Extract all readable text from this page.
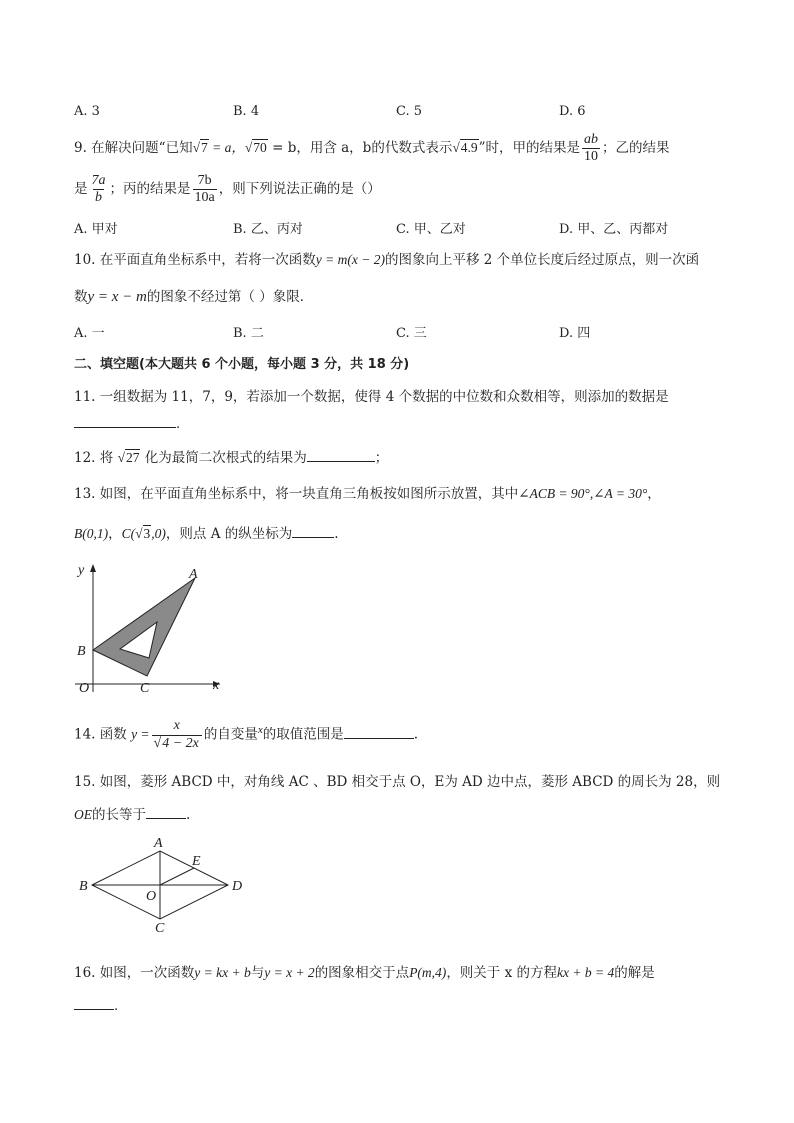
A. 3	B. 4	C. 5	D. 6
9. 在解决问题“已知√7 = a，√70 = b，用含 a，b的代数式表示√4.9”时，甲的结果是 $\frac{ab}{10}$ ；乙的结果
是 $\frac{7a}{b}$ ；丙的结果是 $\frac{7b}{10a}$ ，则下列说法正确的是（）
A. 甲对	B. 乙、丙对	C. 甲、乙对	D. 甲、乙、丙都对
10. 在平面直角坐标系中，若将一次函数y = m(x − 2)的图象向上平移 2 个单位长度后经过原点，则一次函
数y = x − m的图象不经过第（ ）象限．
A. 一	B. 二	C. 三	D. 四
二、填空题(本大题共 6 个小题，每小题 3 分，共 18 分)
11. 一组数据为 11，7，9，若添加一个数据，使得 4 个数据的中位数和众数相等，则添加的数据是
.
12. 将 √27 化为最简二次根式的结果为	；
13. 如图，在平面直角坐标系中，将一块直角三角板按如图所示放置，其中∠ACB = 90°,∠A = 30°，
B(0,1)，C(√3,0)，则点 A 的纵坐标为	.
y	A
B
O	C	x
14. 函数 $y = \frac{x}{√4 - 2x}$ 的自变量$^x$的取值范围是	.
15. 如图，菱形 ABCD 中，对角线 AC 、BD 相交于点 O，E为 AD 边中点，菱形 ABCD 的周长为 28，则
OE的长等于	.
A
B	D
E
O
C
16. 如图，一次函数y = kx + b与y = x + 2的图象相交于点P(m,4)，则关于 x 的方程kx + b = 4的解是
.
